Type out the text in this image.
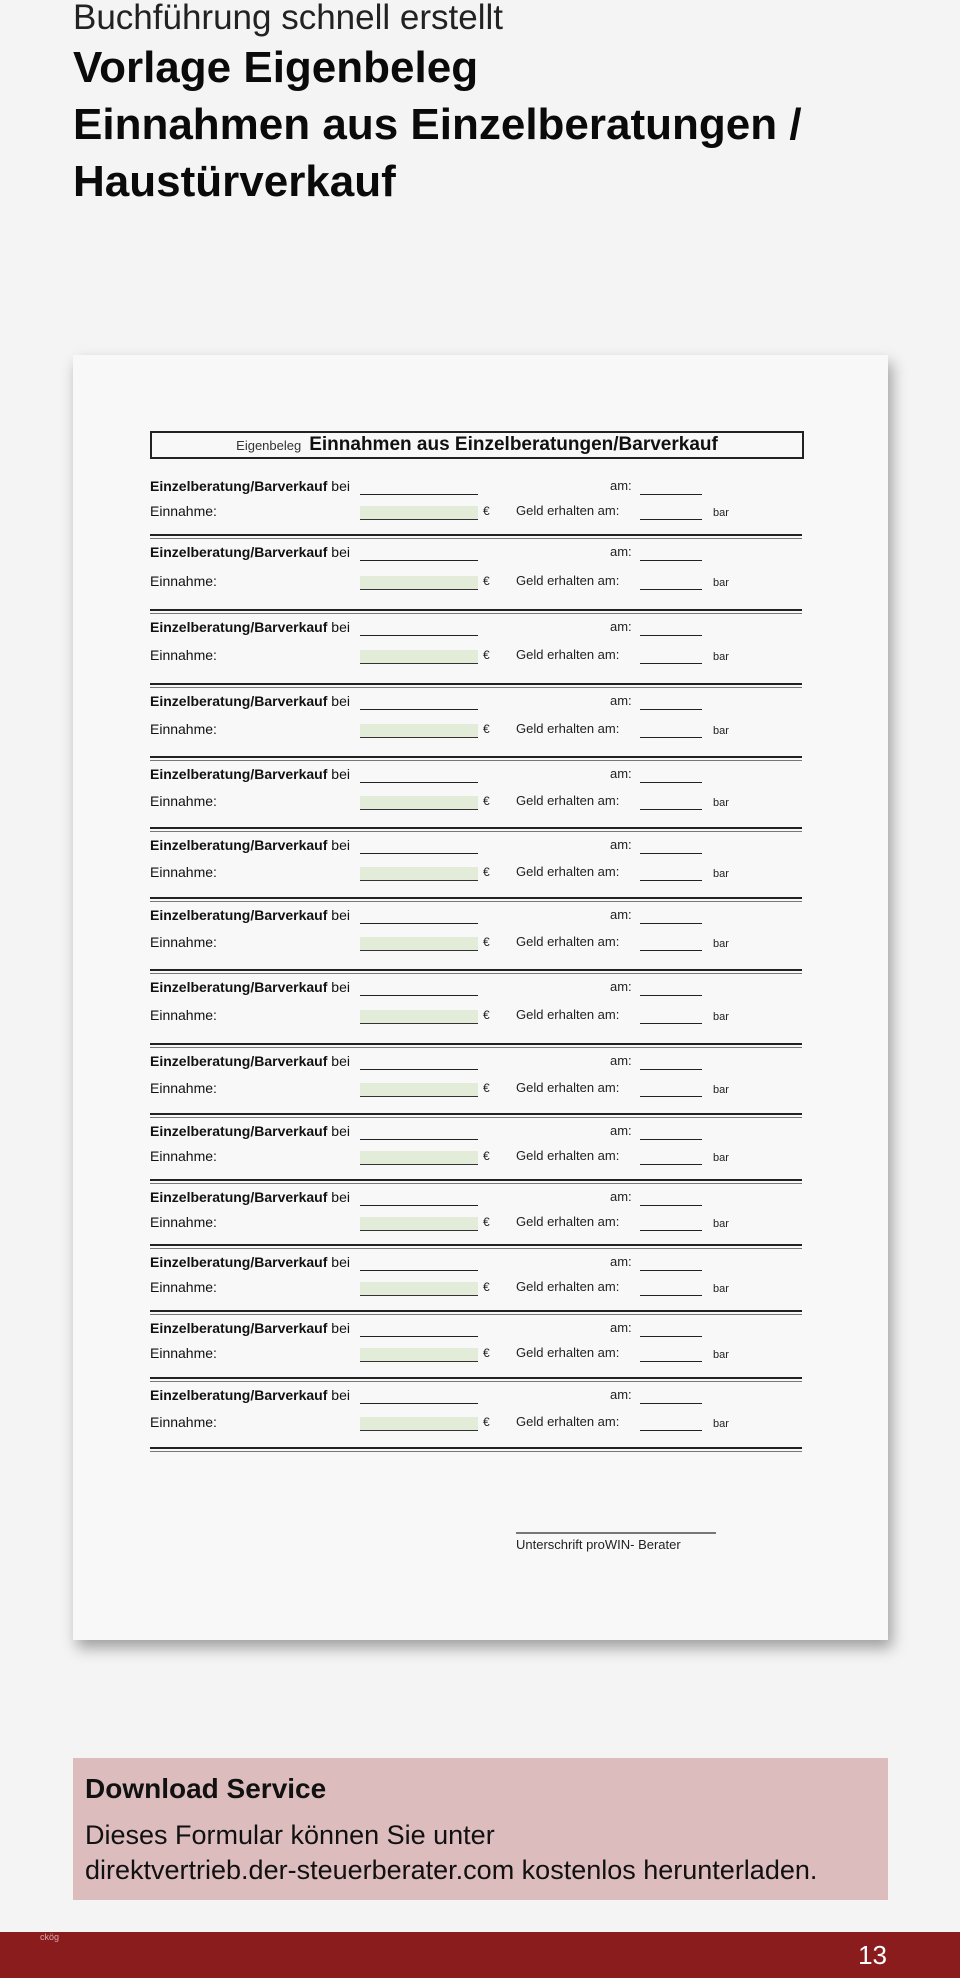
Buchführung schnell erstellt
Vorlage Eigenbeleg
Einnahmen aus Einzelberatungen /
Haustürverkauf
Eigenbeleg Einnahmen aus Einzelberatungen/Barverkauf
Einzelberatung/Barverkauf bei	am:
Einnahme:	€ Geld erhalten am:	bar
Einzelberatung/Barverkauf bei	am:
Einnahme:	€ Geld erhalten am:	bar
Einzelberatung/Barverkauf bei	am:
Einnahme:	€ Geld erhalten am:	bar
Einzelberatung/Barverkauf bei	am:
Einnahme:	€ Geld erhalten am:	bar
Einzelberatung/Barverkauf bei	am:
Einnahme:	€ Geld erhalten am:	bar
Einzelberatung/Barverkauf bei	am:
Einnahme:	€ Geld erhalten am:	bar
Einzelberatung/Barverkauf bei	am:
Einnahme:	€ Geld erhalten am:	bar
Einzelberatung/Barverkauf bei	am:
Einnahme:	€ Geld erhalten am:	bar
Einzelberatung/Barverkauf bei	am:
Einnahme:	€ Geld erhalten am:	bar
Einzelberatung/Barverkauf bei	am:
Einnahme:	€ Geld erhalten am:	bar
Einzelberatung/Barverkauf bei	am:
Einnahme:	€ Geld erhalten am:	bar
Einzelberatung/Barverkauf bei	am:
Einnahme:	€ Geld erhalten am:	bar
Einzelberatung/Barverkauf bei	am:
Einnahme:	€ Geld erhalten am:	bar
Einzelberatung/Barverkauf bei	am:
Einnahme:	€ Geld erhalten am:	bar
Unterschrift proWIN- Berater
Download Service

Dieses Formular können Sie unter
direktvertrieb.der-steuerberater.com kostenlos herunterladen.

ckög
13
